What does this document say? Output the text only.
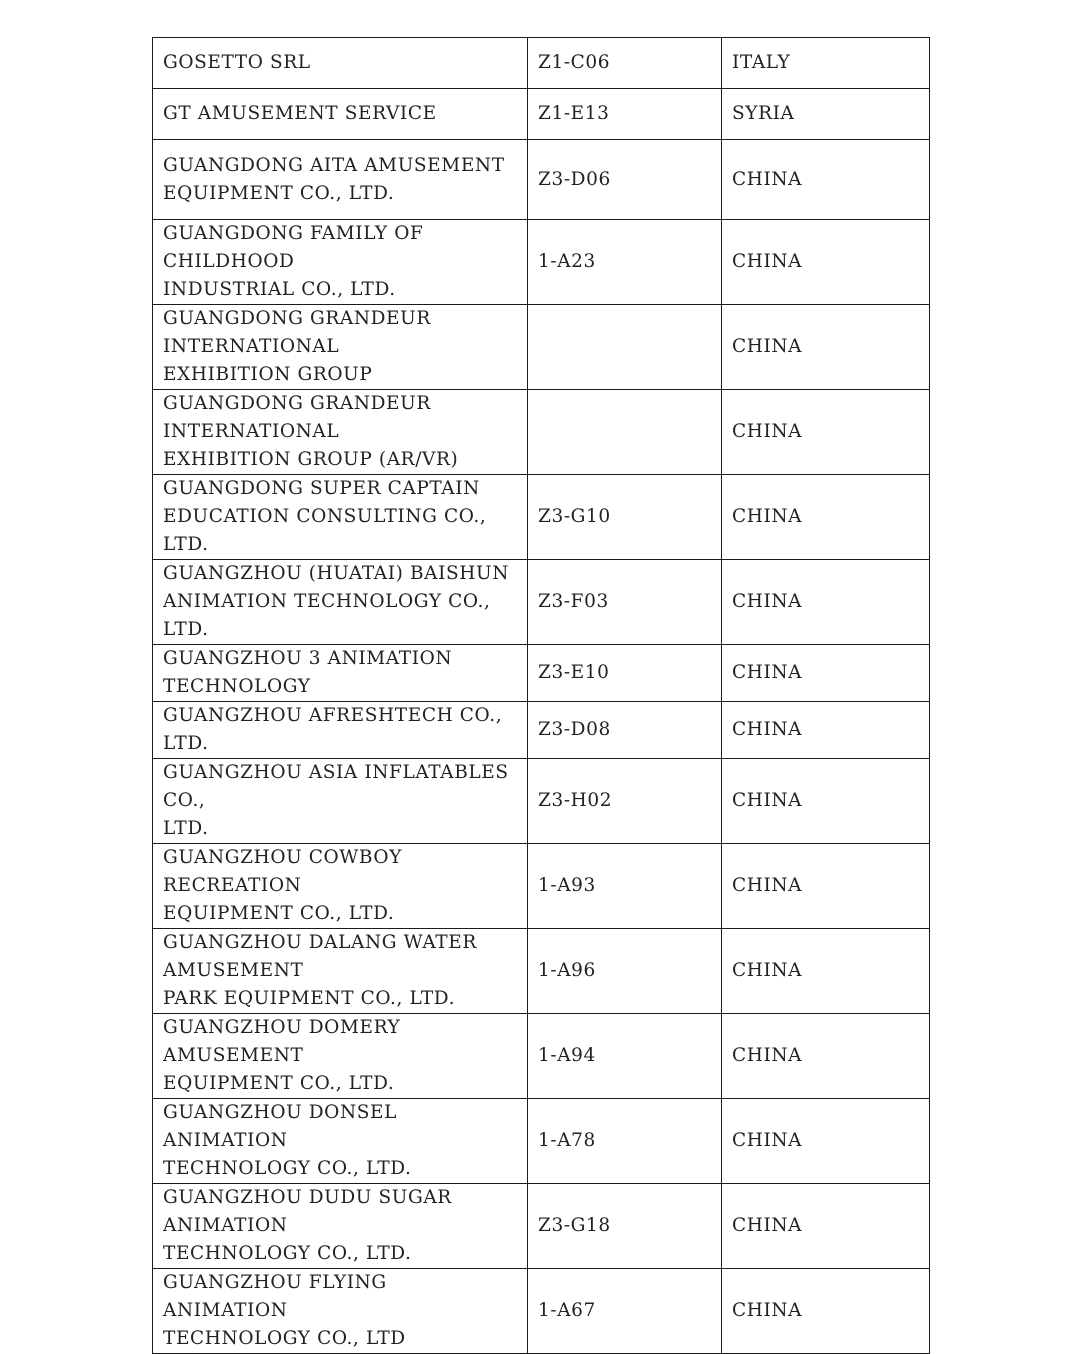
GOSETTO SRL	Z1-C06	ITALY
GT AMUSEMENT SERVICE	Z1-E13	SYRIA
GUANGDONG AITA AMUSEMENT
EQUIPMENT CO., LTD.	Z3-D06	CHINA
GUANGDONG FAMILY OF CHILDHOOD
INDUSTRIAL CO., LTD.	1-A23	CHINA
GUANGDONG GRANDEUR INTERNATIONAL
EXHIBITION GROUP		CHINA
GUANGDONG GRANDEUR INTERNATIONAL
EXHIBITION GROUP (AR/VR)		CHINA
GUANGDONG SUPER CAPTAIN
EDUCATION CONSULTING CO., LTD.	Z3-G10	CHINA
GUANGZHOU (HUATAI) BAISHUN
ANIMATION TECHNOLOGY CO., LTD.	Z3-F03	CHINA
GUANGZHOU 3 ANIMATION TECHNOLOGY	Z3-E10	CHINA
GUANGZHOU AFRESHTECH CO., LTD.	Z3-D08	CHINA
GUANGZHOU ASIA INFLATABLES CO.,
LTD.	Z3-H02	CHINA
GUANGZHOU COWBOY RECREATION
EQUIPMENT CO., LTD.	1-A93	CHINA
GUANGZHOU DALANG WATER AMUSEMENT
PARK EQUIPMENT CO., LTD.	1-A96	CHINA
GUANGZHOU DOMERY AMUSEMENT
EQUIPMENT CO., LTD.	1-A94	CHINA
GUANGZHOU DONSEL ANIMATION
TECHNOLOGY CO., LTD.	1-A78	CHINA
GUANGZHOU DUDU SUGAR ANIMATION
TECHNOLOGY CO., LTD.	Z3-G18	CHINA
GUANGZHOU FLYING ANIMATION
TECHNOLOGY CO., LTD	1-A67	CHINA
